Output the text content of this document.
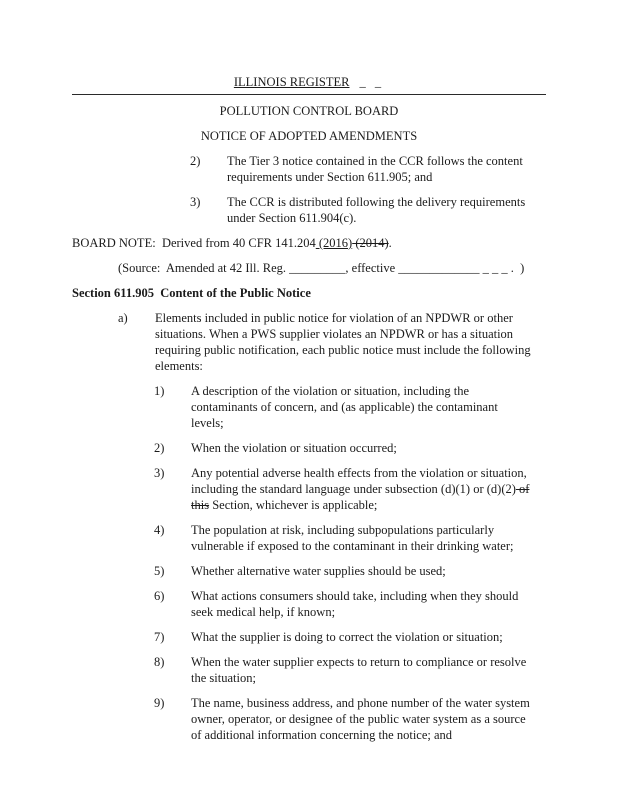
ILLINOIS REGISTER _ _
POLLUTION CONTROL BOARD
NOTICE OF ADOPTED AMENDMENTS
2)	The Tier 3 notice contained in the CCR follows the content requirements under Section 611.905; and
3)	The CCR is distributed following the delivery requirements under Section 611.904(c).
BOARD NOTE:  Derived from 40 CFR 141.204 (2016) (2014).
(Source:  Amended at 42 Ill. Reg. _________, effective _____________ _ _ _ .  )
Section 611.905  Content of the Public Notice
a)	Elements included in public notice for violation of an NPDWR or other situations. When a PWS supplier violates an NPDWR or has a situation requiring public notification, each public notice must include the following elements:
1)	A description of the violation or situation, including the contaminants of concern, and (as applicable) the contaminant levels;
2)	When the violation or situation occurred;
3)	Any potential adverse health effects from the violation or situation, including the standard language under subsection (d)(1) or (d)(2) of this Section, whichever is applicable;
4)	The population at risk, including subpopulations particularly vulnerable if exposed to the contaminant in their drinking water;
5)	Whether alternative water supplies should be used;
6)	What actions consumers should take, including when they should seek medical help, if known;
7)	What the supplier is doing to correct the violation or situation;
8)	When the water supplier expects to return to compliance or resolve the situation;
9)	The name, business address, and phone number of the water system owner, operator, or designee of the public water system as a source of additional information concerning the notice; and
